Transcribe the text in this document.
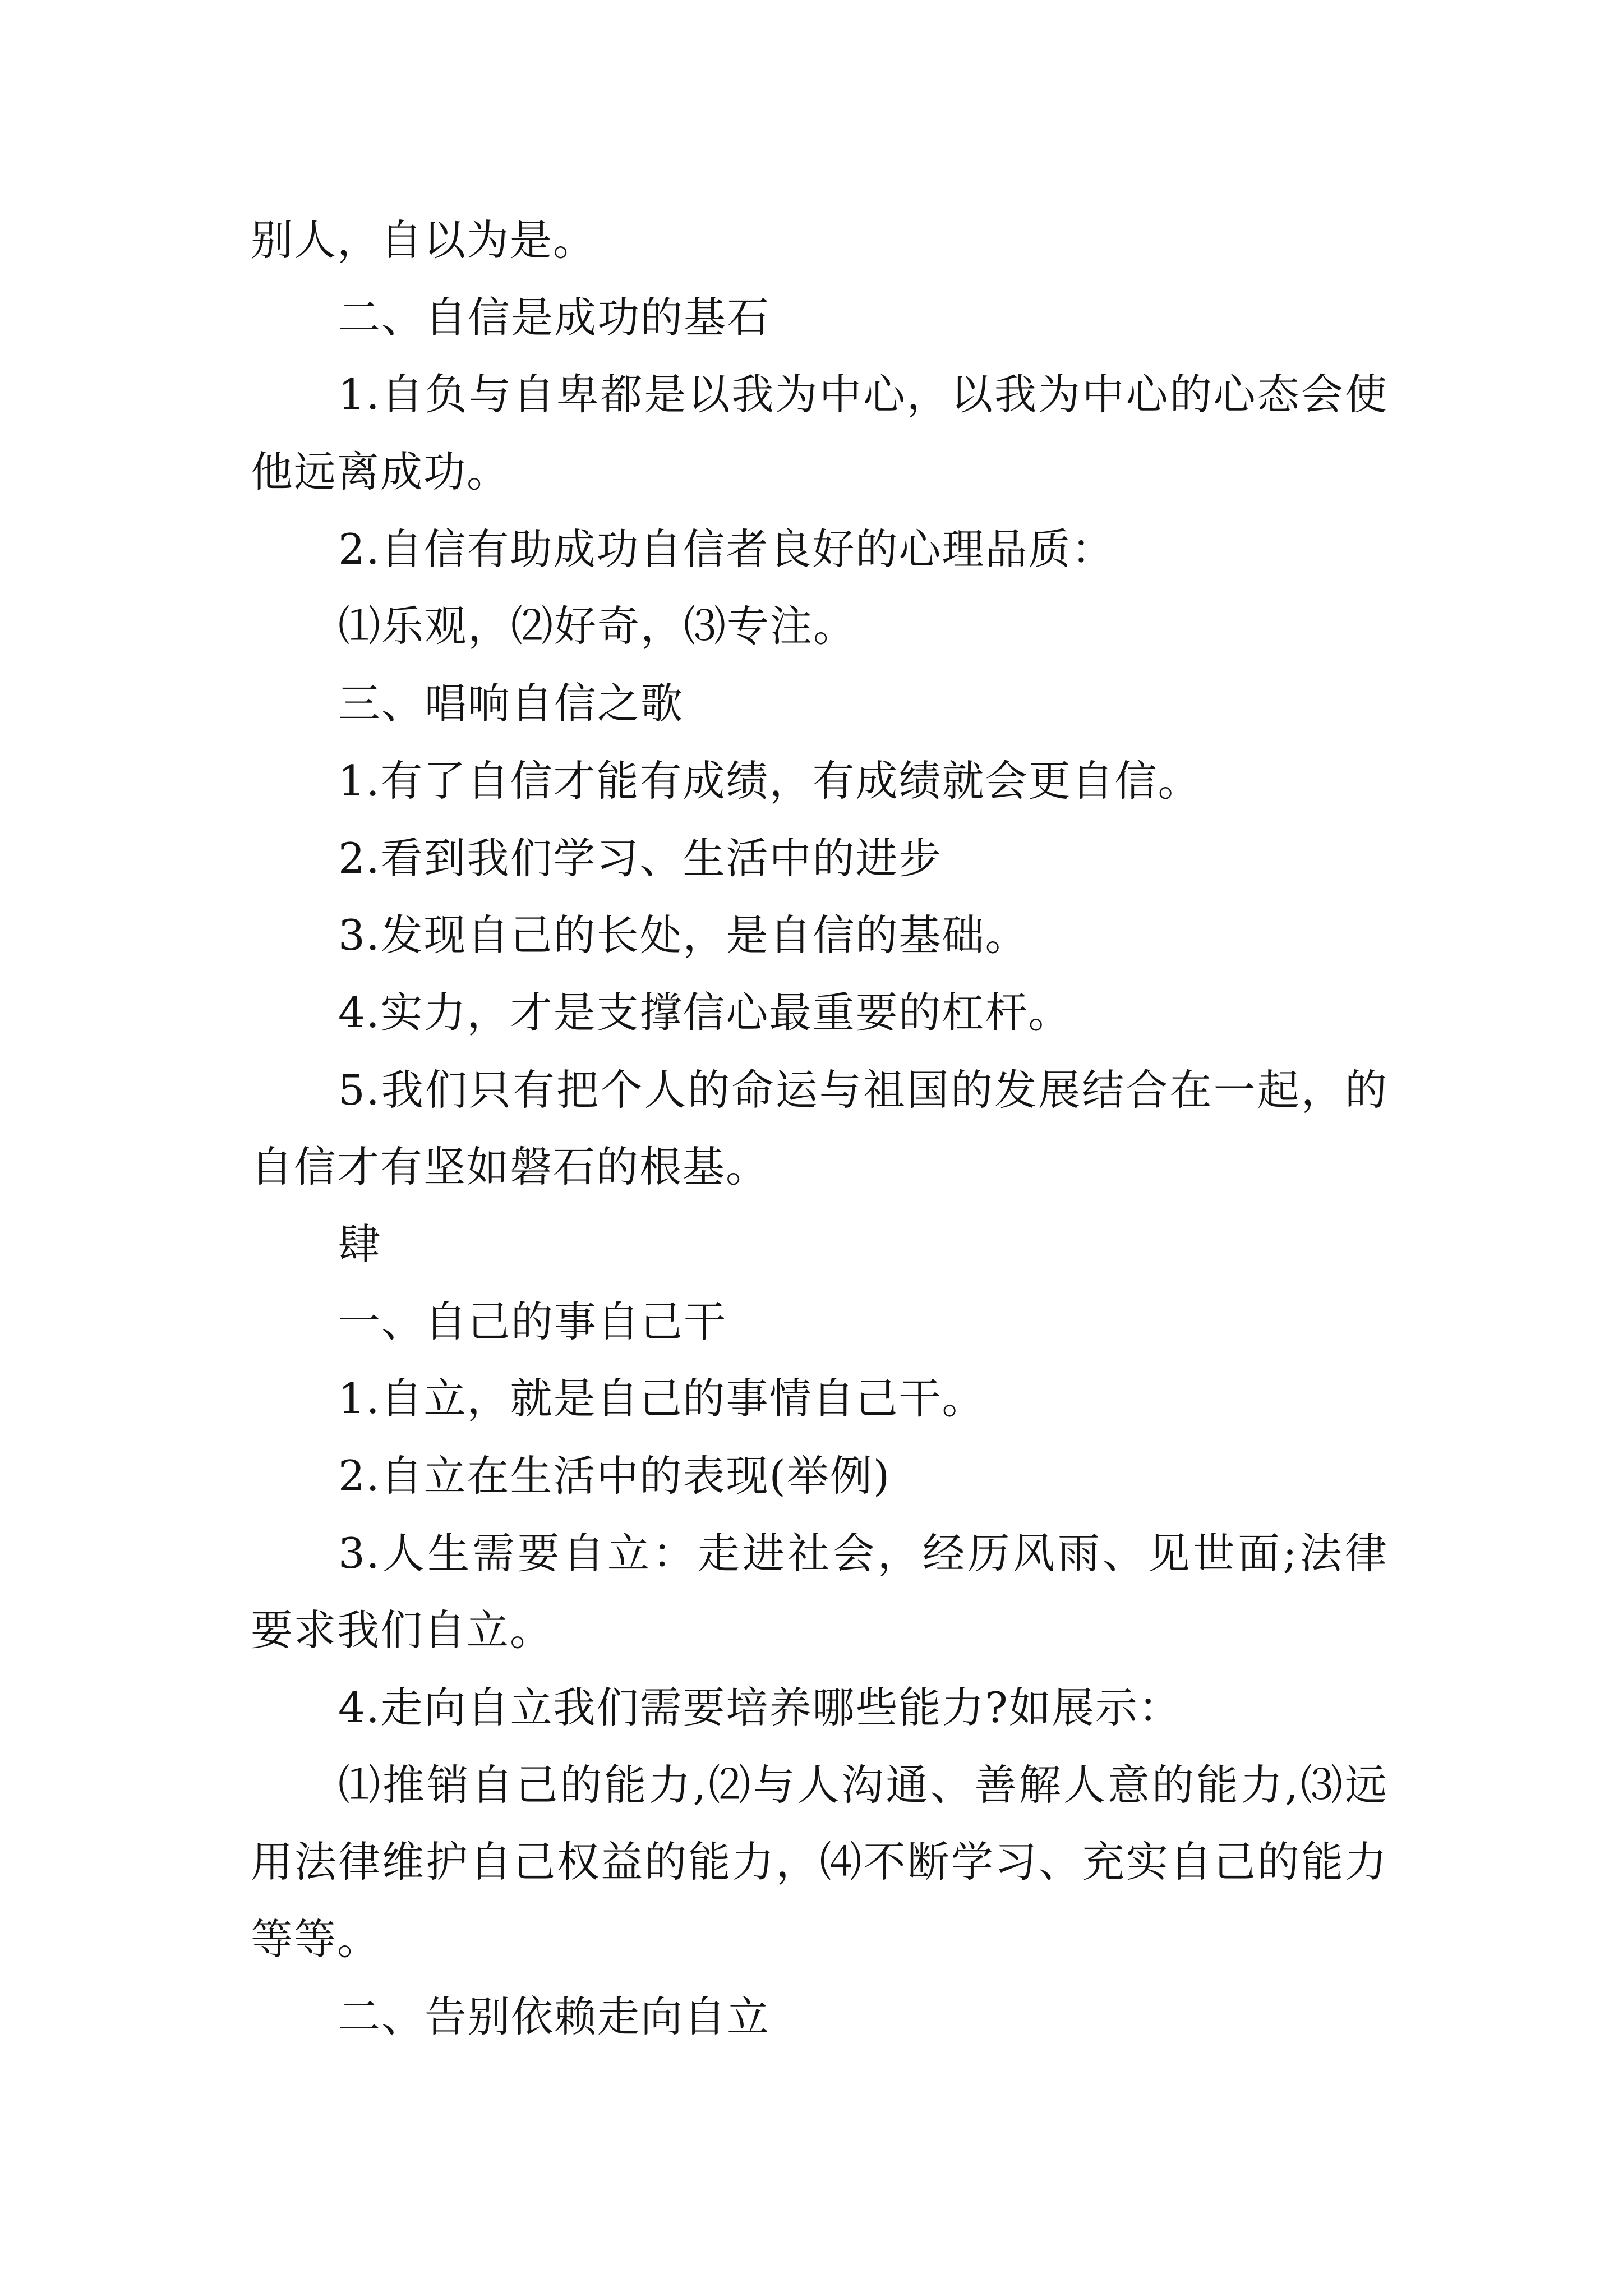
别人，自以为是。
二、自信是成功的基石
1.自负与自卑都是以我为中心，以我为中心的心态会使
他远离成功。
2.自信有助成功自信者良好的心理品质：
⑴乐观，⑵好奇，⑶专注。
三、唱响自信之歌
1.有了自信才能有成绩，有成绩就会更自信。
2.看到我们学习、生活中的进步
3.发现自己的长处，是自信的基础。
4.实力，才是支撑信心最重要的杠杆。
5.我们只有把个人的命运与祖国的发展结合在一起，的
自信才有坚如磐石的根基。
肆
一、自己的事自己干
1.自立，就是自己的事情自己干。
2.自立在生活中的表现(举例)
3.人生需要自立：走进社会，经历风雨、见世面;法律
要求我们自立。
4.走向自立我们需要培养哪些能力?如展示：
⑴推销自己的能力,⑵与人沟通、善解人意的能力,⑶远
用法律维护自己权益的能力，⑷不断学习、充实自己的能力
等等。
二、告别依赖走向自立
